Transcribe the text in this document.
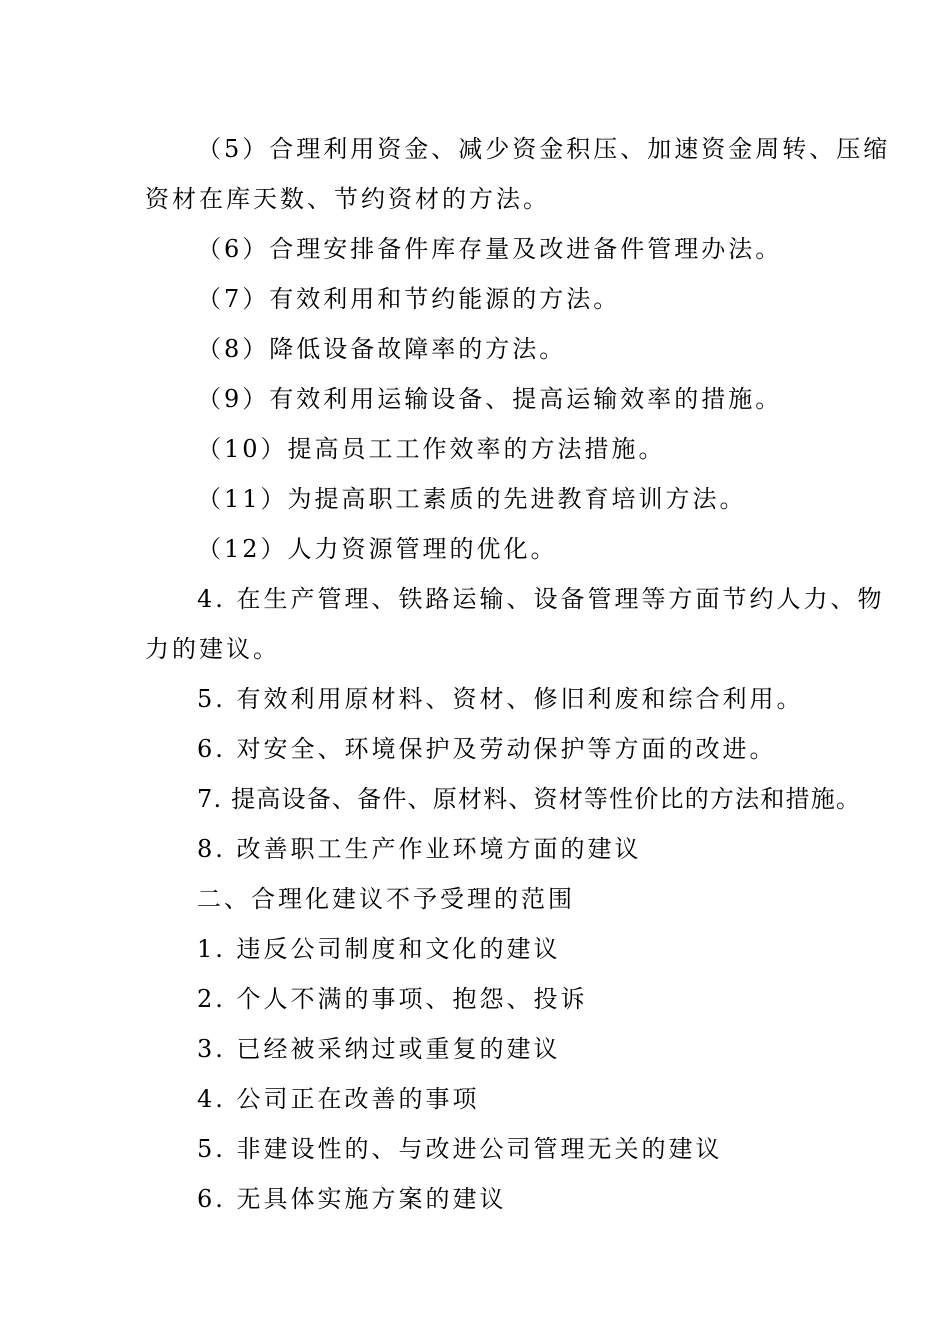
（5）合理利用资金、减少资金积压、加速资金周转、压缩
资材在库天数、节约资材的方法。
（6）合理安排备件库存量及改进备件管理办法。
（7）有效利用和节约能源的方法。
（8）降低设备故障率的方法。
（9）有效利用运输设备、提高运输效率的措施。
（10）提高员工工作效率的方法措施。
（11）为提高职工素质的先进教育培训方法。
（12）人力资源管理的优化。
4. 在生产管理、铁路运输、设备管理等方面节约人力、物
力的建议。
5. 有效利用原材料、资材、修旧利废和综合利用。
6. 对安全、环境保护及劳动保护等方面的改进。
7. 提高设备、备件、原材料、资材等性价比的方法和措施。
8. 改善职工生产作业环境方面的建议
二、合理化建议不予受理的范围
1. 违反公司制度和文化的建议
2. 个人不满的事项、抱怨、投诉
3. 已经被采纳过或重复的建议
4. 公司正在改善的事项
5. 非建设性的、与改进公司管理无关的建议
6. 无具体实施方案的建议
